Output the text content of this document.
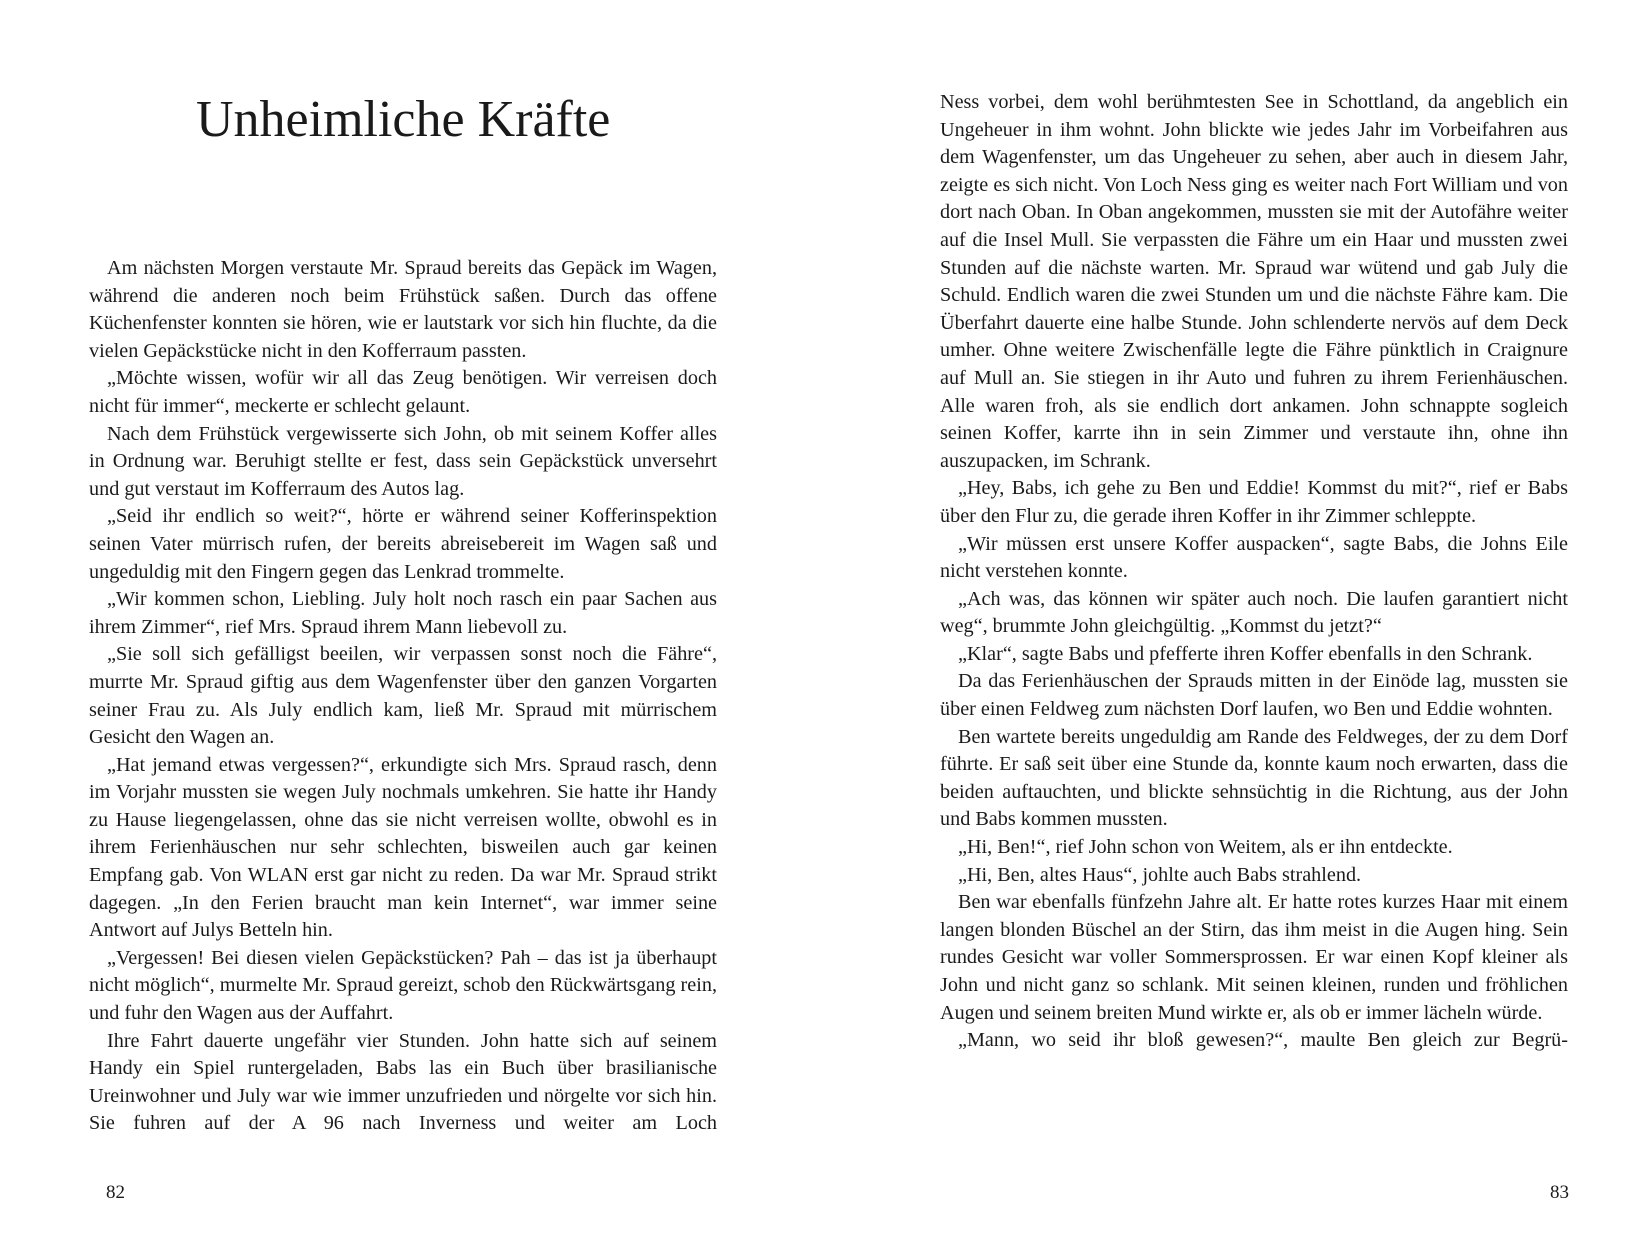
Unheimliche Kräfte

Am nächsten Morgen verstaute Mr. Spraud bereits das Gepäck im Wagen, während die anderen noch beim Frühstück saßen. Durch das offene Küchenfenster konnten sie hören, wie er lautstark vor sich hin fluchte, da die vielen Gepäckstücke nicht in den Kofferraum passten.

„Möchte wissen, wofür wir all das Zeug benötigen. Wir verreisen doch nicht für immer“, meckerte er schlecht gelaunt.

Nach dem Frühstück vergewisserte sich John, ob mit seinem Koffer alles in Ordnung war. Beruhigt stellte er fest, dass sein Gepäckstück unversehrt und gut verstaut im Kofferraum des Autos lag.

„Seid ihr endlich so weit?“, hörte er während seiner Kofferinspektion seinen Vater mürrisch rufen, der bereits abreisebereit im Wagen saß und ungeduldig mit den Fingern gegen das Lenkrad trommelte.

„Wir kommen schon, Liebling. July holt noch rasch ein paar Sachen aus ihrem Zimmer“, rief Mrs. Spraud ihrem Mann liebevoll zu.

„Sie soll sich gefälligst beeilen, wir verpassen sonst noch die Fähre“, murrte Mr. Spraud giftig aus dem Wagenfenster über den ganzen Vorgarten seiner Frau zu. Als July endlich kam, ließ Mr. Spraud mit mürrischem Gesicht den Wagen an.

„Hat jemand etwas vergessen?“, erkundigte sich Mrs. Spraud rasch, denn im Vorjahr mussten sie wegen July nochmals umkehren. Sie hatte ihr Handy zu Hause liegengelassen, ohne das sie nicht verreisen wollte, obwohl es in ihrem Ferienhäuschen nur sehr schlechten, bisweilen auch gar keinen Empfang gab. Von WLAN erst gar nicht zu reden. Da war Mr. Spraud strikt dagegen. „In den Ferien braucht man kein Internet“, war immer seine Antwort auf Julys Betteln hin.

„Vergessen! Bei diesen vielen Gepäckstücken? Pah – das ist ja überhaupt nicht möglich“, murmelte Mr. Spraud gereizt, schob den Rückwärtsgang rein, und fuhr den Wagen aus der Auffahrt.

Ihre Fahrt dauerte ungefähr vier Stunden. John hatte sich auf seinem Handy ein Spiel runtergeladen, Babs las ein Buch über brasilianische Ureinwohner und July war wie immer unzufrieden und nörgelte vor sich hin. Sie fuhren auf der A 96 nach Inverness und weiter am Loch

82

Ness vorbei, dem wohl berühmtesten See in Schottland, da angeblich ein Ungeheuer in ihm wohnt. John blickte wie jedes Jahr im Vorbeifahren aus dem Wagenfenster, um das Ungeheuer zu sehen, aber auch in diesem Jahr, zeigte es sich nicht. Von Loch Ness ging es weiter nach Fort William und von dort nach Oban. In Oban angekommen, mussten sie mit der Autofähre weiter auf die Insel Mull. Sie verpassten die Fähre um ein Haar und mussten zwei Stunden auf die nächste warten. Mr. Spraud war wütend und gab July die Schuld. Endlich waren die zwei Stunden um und die nächste Fähre kam. Die Überfahrt dauerte eine halbe Stunde. John schlenderte nervös auf dem Deck umher. Ohne weitere Zwischenfälle legte die Fähre pünktlich in Craignure auf Mull an. Sie stiegen in ihr Auto und fuhren zu ihrem Ferienhäuschen. Alle waren froh, als sie endlich dort ankamen. John schnappte sogleich seinen Koffer, karrte ihn in sein Zimmer und verstaute ihn, ohne ihn auszupacken, im Schrank.

„Hey, Babs, ich gehe zu Ben und Eddie! Kommst du mit?“, rief er Babs über den Flur zu, die gerade ihren Koffer in ihr Zimmer schleppte.

„Wir müssen erst unsere Koffer auspacken“, sagte Babs, die Johns Eile nicht verstehen konnte.

„Ach was, das können wir später auch noch. Die laufen garantiert nicht weg“, brummte John gleichgültig. „Kommst du jetzt?“

„Klar“, sagte Babs und pfefferte ihren Koffer ebenfalls in den Schrank.

Da das Ferienhäuschen der Sprauds mitten in der Einöde lag, mussten sie über einen Feldweg zum nächsten Dorf laufen, wo Ben und Eddie wohnten.

Ben wartete bereits ungeduldig am Rande des Feldweges, der zu dem Dorf führte. Er saß seit über eine Stunde da, konnte kaum noch erwarten, dass die beiden auftauchten, und blickte sehnsüchtig in die Richtung, aus der John und Babs kommen mussten.

„Hi, Ben!“, rief John schon von Weitem, als er ihn entdeckte.

„Hi, Ben, altes Haus“, johlte auch Babs strahlend.

Ben war ebenfalls fünfzehn Jahre alt. Er hatte rotes kurzes Haar mit einem langen blonden Büschel an der Stirn, das ihm meist in die Augen hing. Sein rundes Gesicht war voller Sommersprossen. Er war einen Kopf kleiner als John und nicht ganz so schlank. Mit seinen kleinen, runden und fröhlichen Augen und seinem breiten Mund wirkte er, als ob er immer lächeln würde.

„Mann, wo seid ihr bloß gewesen?“, maulte Ben gleich zur Begrü-

83
